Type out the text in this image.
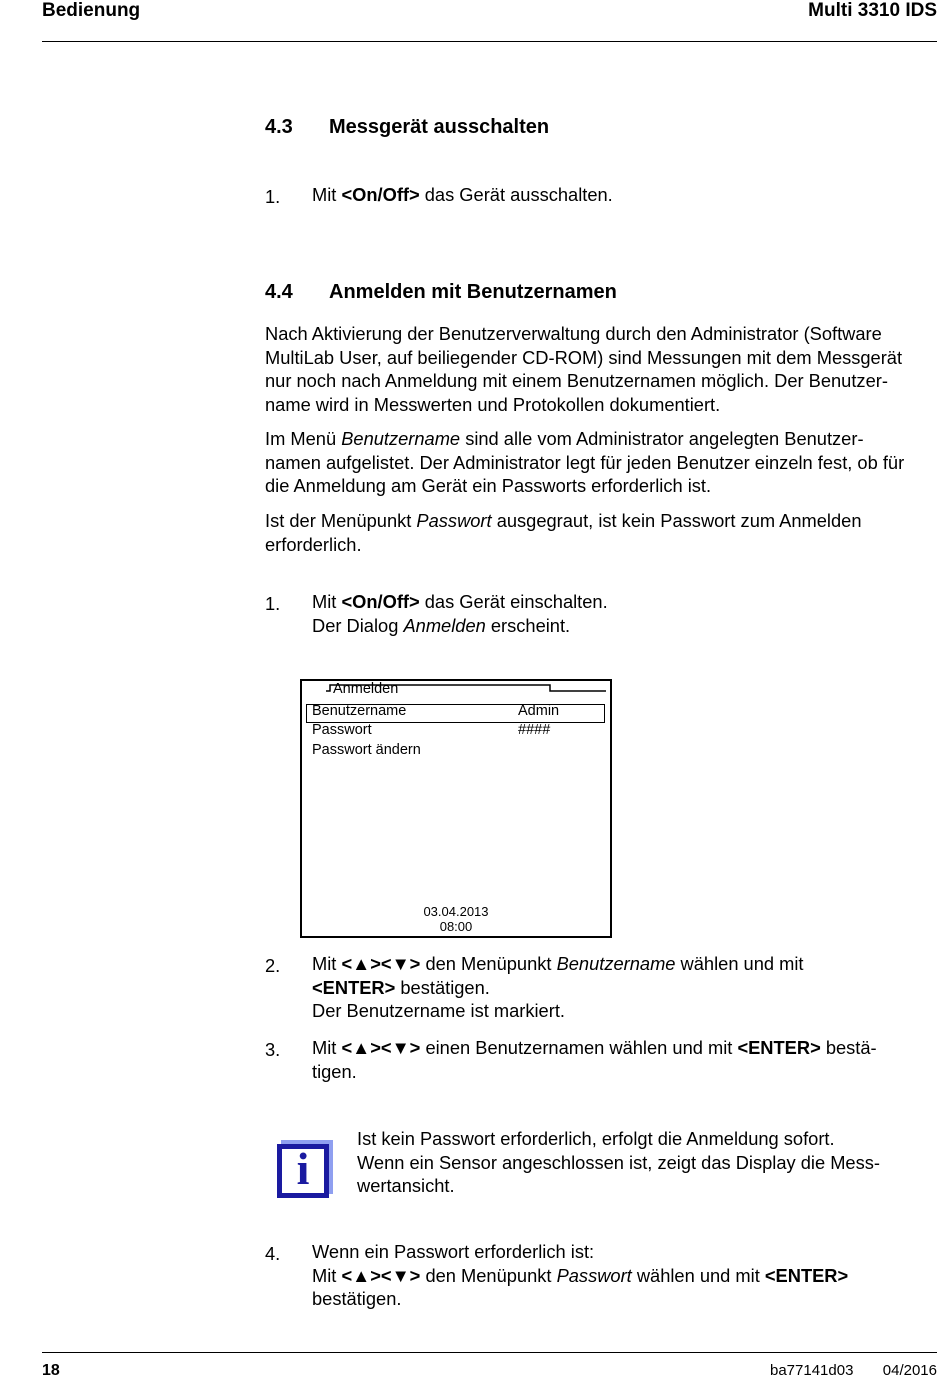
Bedienung	Multi 3310 IDS
4.3 Messgerät ausschalten
1. Mit <On/Off> das Gerät ausschalten.
4.4 Anmelden mit Benutzernamen
Nach Aktivierung der Benutzerverwaltung durch den Administrator (Software
MultiLab User, auf beiliegender CD-ROM) sind Messungen mit dem Messgerät
nur noch nach Anmeldung mit einem Benutzernamen möglich. Der Benutzer-
name wird in Messwerten und Protokollen dokumentiert.
Im Menü Benutzername sind alle vom Administrator angelegten Benutzer-
namen aufgelistet. Der Administrator legt für jeden Benutzer einzeln fest, ob für
die Anmeldung am Gerät ein Passworts erforderlich ist.
Ist der Menüpunkt Passwort ausgegraut, ist kein Passwort zum Anmelden
erforderlich.
1. Mit <On/Off> das Gerät einschalten.
Der Dialog Anmelden erscheint.
Anmelden
Benutzername	Admin
Passwort	####
Passwort ändern
03.04.2013
08:00
2. Mit <▲><▼> den Menüpunkt Benutzername wählen und mit
<ENTER> bestätigen.
Der Benutzername ist markiert.
3. Mit <▲><▼> einen Benutzernamen wählen und mit <ENTER> bestä-
tigen.
i
Ist kein Passwort erforderlich, erfolgt die Anmeldung sofort.
Wenn ein Sensor angeschlossen ist, zeigt das Display die Mess-
wertansicht.
4. Wenn ein Passwort erforderlich ist:
Mit <▲><▼> den Menüpunkt Passwort wählen und mit <ENTER>
bestätigen.
18	ba77141d03 04/2016
